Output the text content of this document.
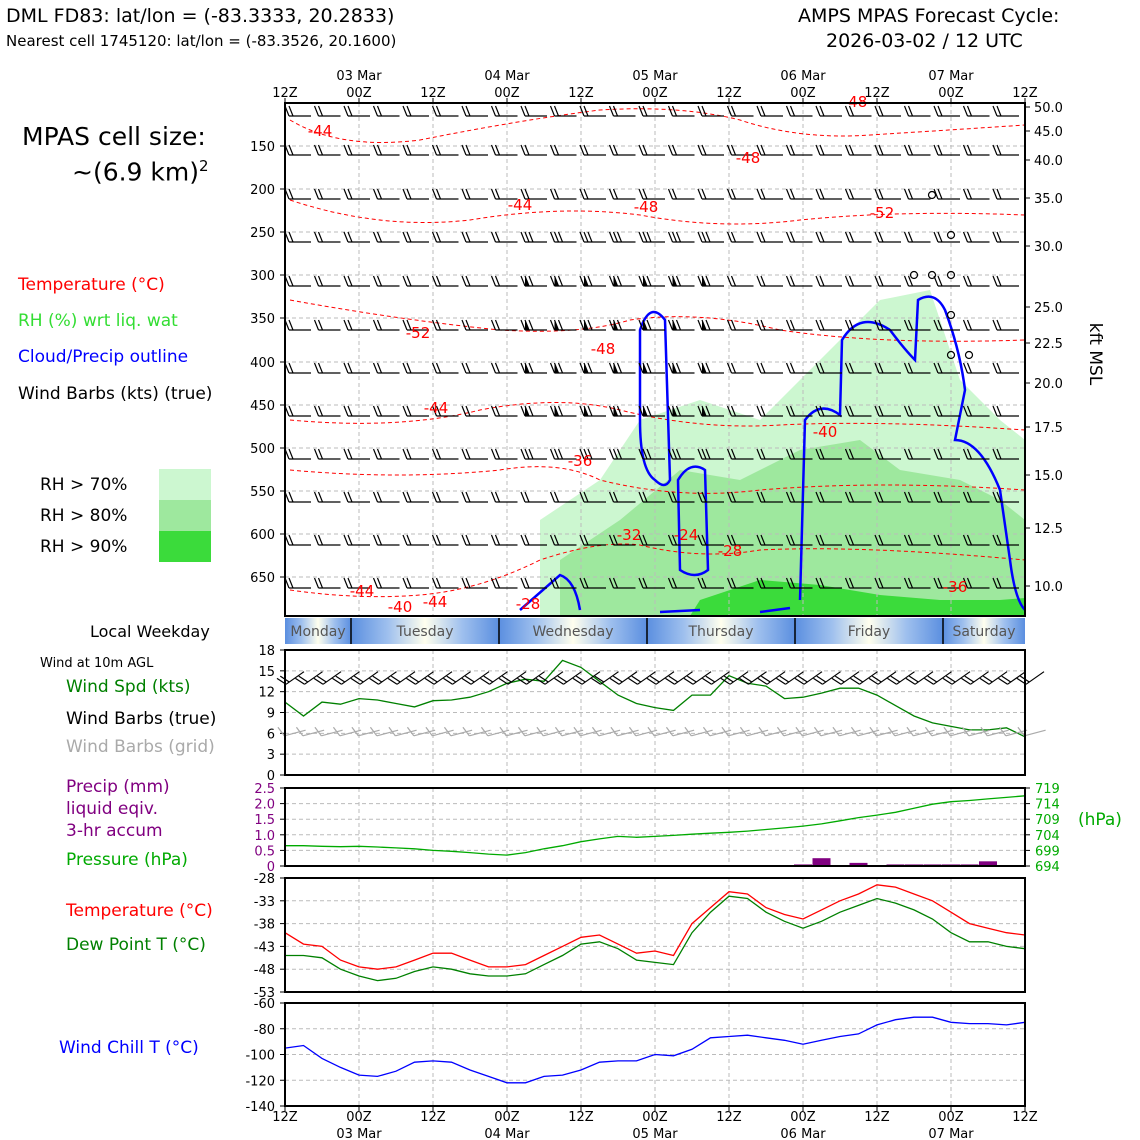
DML FD83: lat/lon = (-83.3333, 20.2833)
Nearest cell 1745120: lat/lon = (-83.3526, 20.1600)
AMPS MPAS Forecast Cycle:
2026-03-02 / 12 UTC
MPAS cell size:
~(6.9 km)$^2$
Temperature (°C)
RH (%) wrt liq. wat
Cloud/Precip outline
Wind Barbs (kts) (true)
RH > 70%
RH > 80%
RH > 90%
Local Weekday
Wind at 10m AGL
Wind Spd (kts)
Wind Barbs (true)
Wind Barbs (grid)
Precip (mm)
liquid eqiv.
3-hr accum
Pressure (hPa)
(hPa)
Temperature (°C)
Dew Point T (°C)
Wind Chill T (°C)
-48
-44
-48
-44	-48	-52
-52
-48
-44
-40
-36
-32 -24
-28
-36
-44
-40 -44	-28
12Z	00Z	12Z	00Z	12Z	00Z	12Z	00Z	12Z	00Z	12Z
03 Mar	04 Mar	05 Mar	06 Mar	07 Mar
150
200
250
300
350
400
450
500
550
600
650
50.0
45.0
40.0
35.0
30.0
25.0
22.5
20.0
17.5
15.0
12.5
10.0
kft MSL
Monday	Tuesday	Wednesday	Thursday	Friday	Saturday
18
15
12
9
6
3
0
2.5
2.0
1.5
1.0
0.5
0
719
714
709
704
699
694
-28
-33
-38
-43
-48
-53
-60
-80
-100
-120
-140
12Z	00Z	12Z	00Z	12Z	00Z	12Z	00Z	12Z	00Z	12Z
03 Mar	04 Mar	05 Mar	06 Mar	07 Mar
